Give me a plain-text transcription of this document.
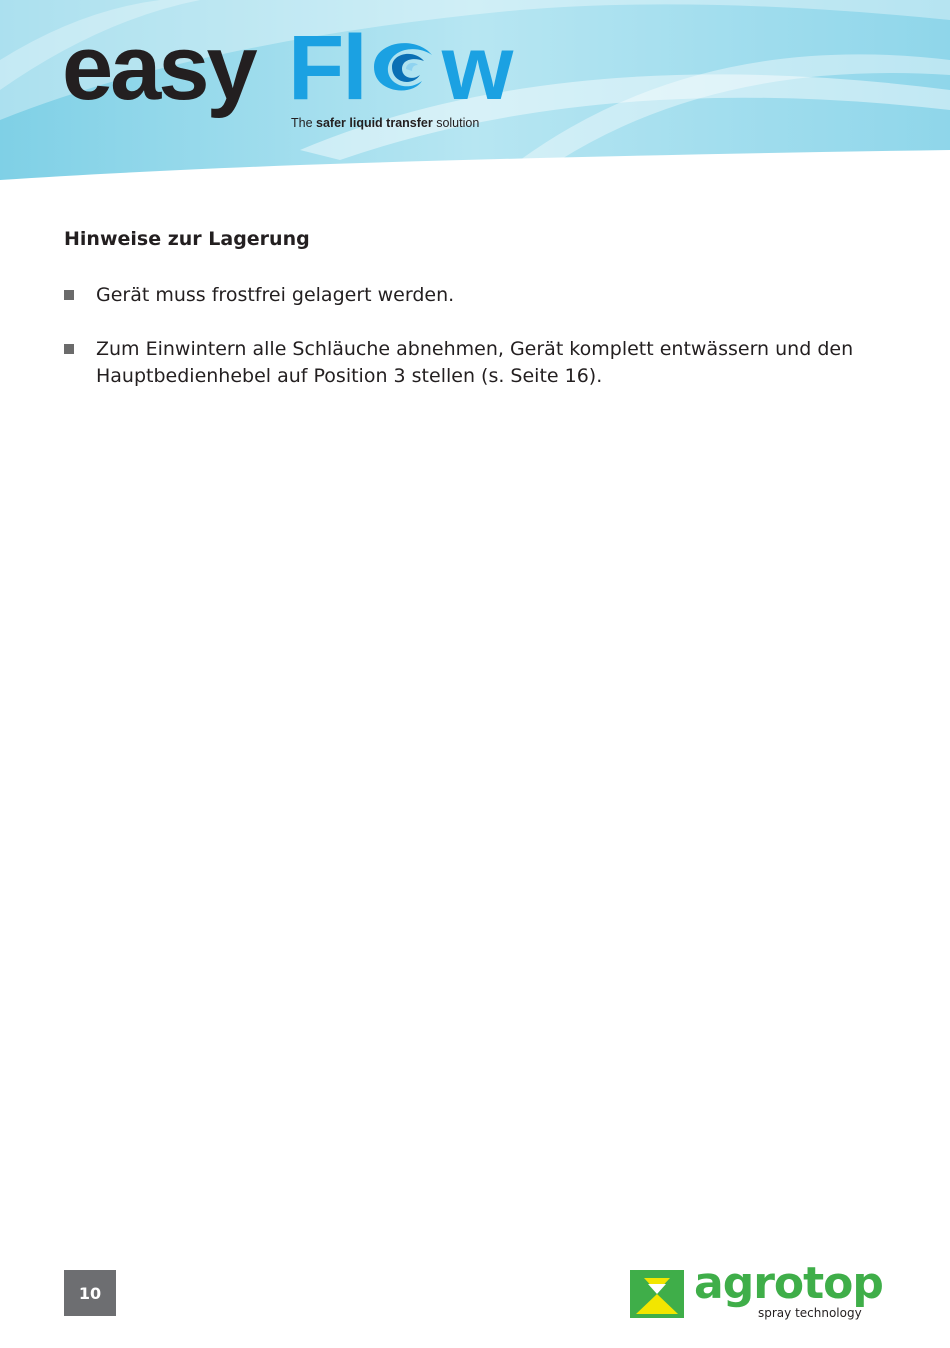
easy Fl w
The safer liquid transfer solution
Hinweise zur Lagerung
Gerät muss frostfrei gelagert werden.
Zum Einwintern alle Schläuche abnehmen, Gerät komplett entwässern und den Hauptbedienhebel auf Position 3 stellen (s. Seite 16).
10	agrotop
spray technology
